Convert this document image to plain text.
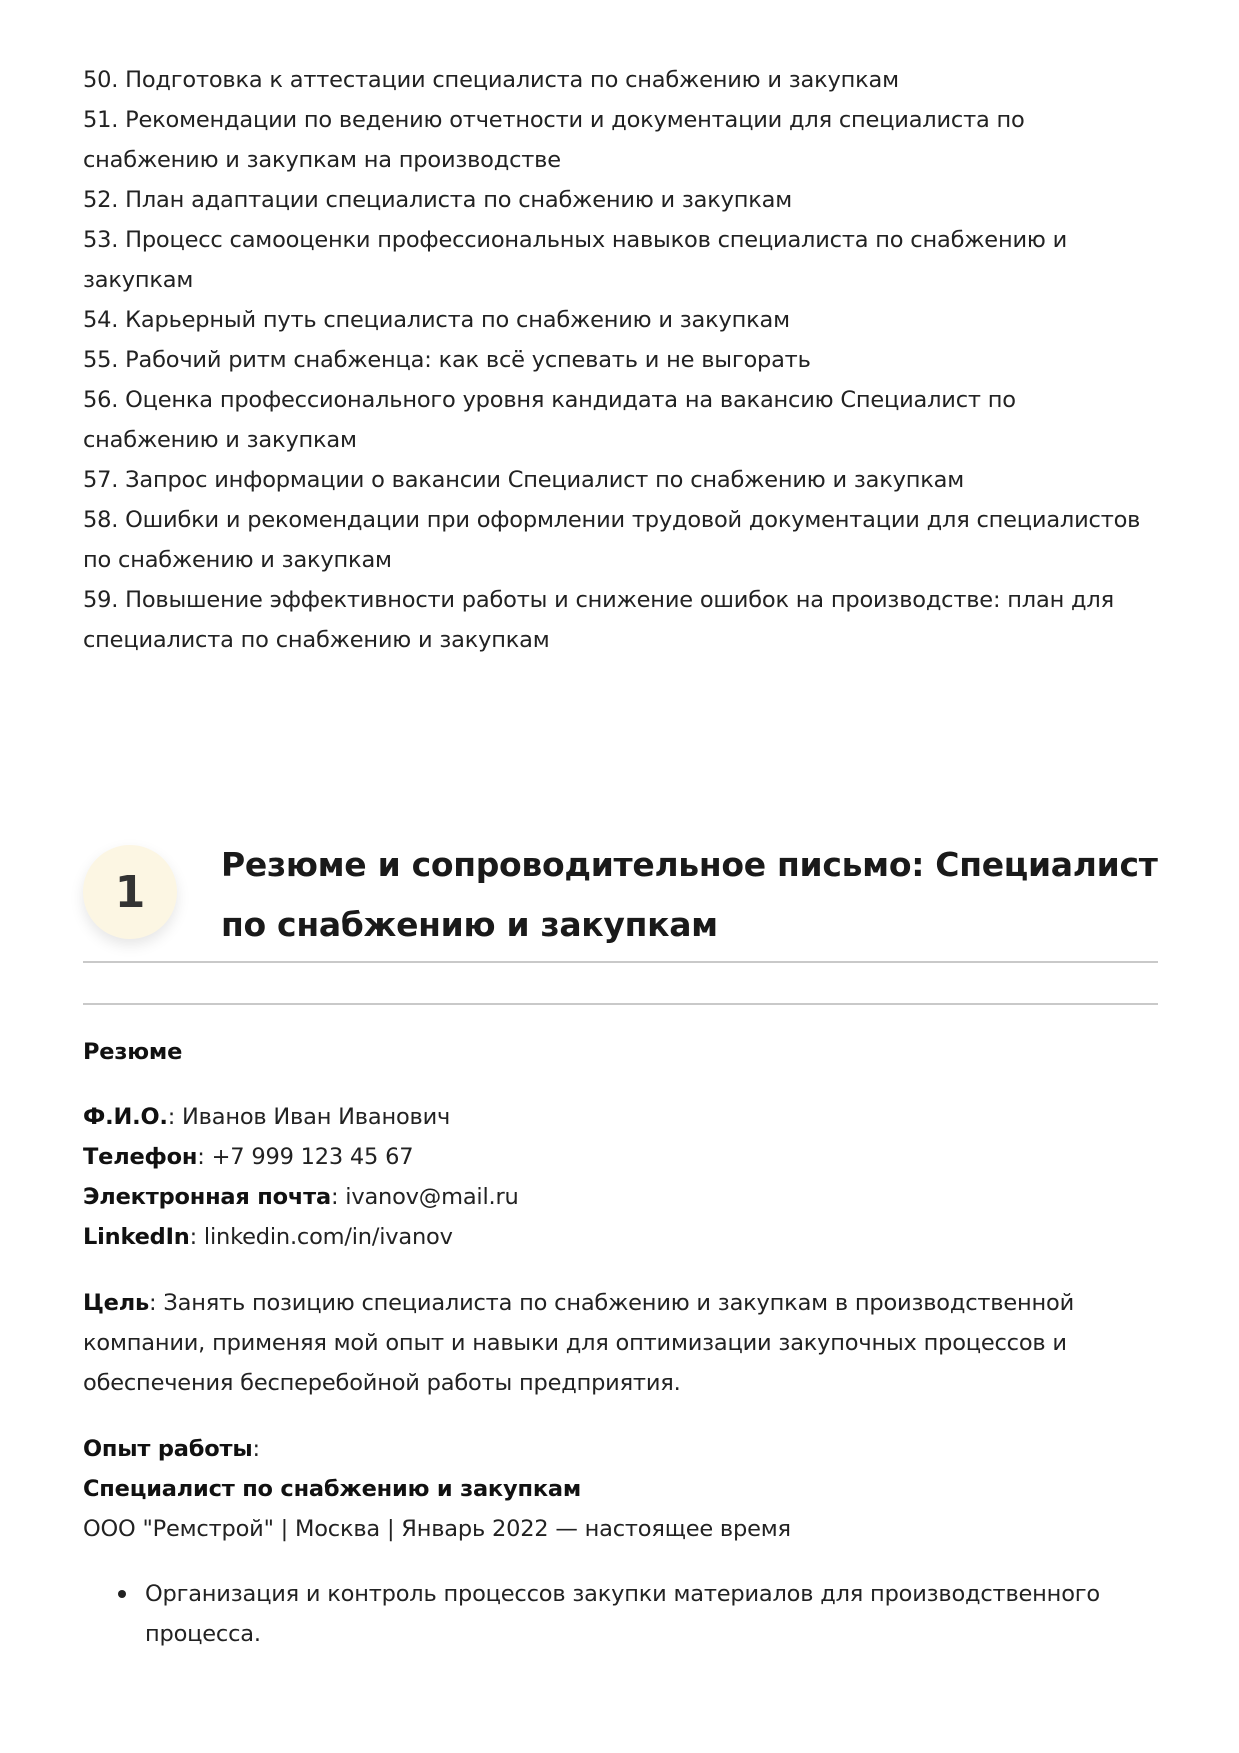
50. Подготовка к аттестации специалиста по снабжению и закупкам
51. Рекомендации по ведению отчетности и документации для специалиста по снабжению и закупкам на производстве
52. План адаптации специалиста по снабжению и закупкам
53. Процесс самооценки профессиональных навыков специалиста по снабжению и закупкам
54. Карьерный путь специалиста по снабжению и закупкам
55. Рабочий ритм снабженца: как всё успевать и не выгорать
56. Оценка профессионального уровня кандидата на вакансию Специалист по снабжению и закупкам
57. Запрос информации о вакансии Специалист по снабжению и закупкам
58. Ошибки и рекомендации при оформлении трудовой документации для специалистов по снабжению и закупкам
59. Повышение эффективности работы и снижение ошибок на производстве: план для специалиста по снабжению и закупкам
1
Резюме и сопроводительное письмо: Специалист по снабжению и закупкам

Резюме

Ф.И.О.: Иванов Иван Иванович

Телефон: +7 999 123 45 67

Электронная почта: ivanov@mail.ru

LinkedIn: linkedin.com/in/ivanov

Цель: Занять позицию специалиста по снабжению и закупкам в производственной компании, применяя мой опыт и навыки для оптимизации закупочных процессов и обеспечения бесперебойной работы предприятия.

Опыт работы:

Специалист по снабжению и закупкам

ООО "Ремстрой" | Москва | Январь 2022 — настоящее время

Организация и контроль процессов закупки материалов для производственного процесса.
